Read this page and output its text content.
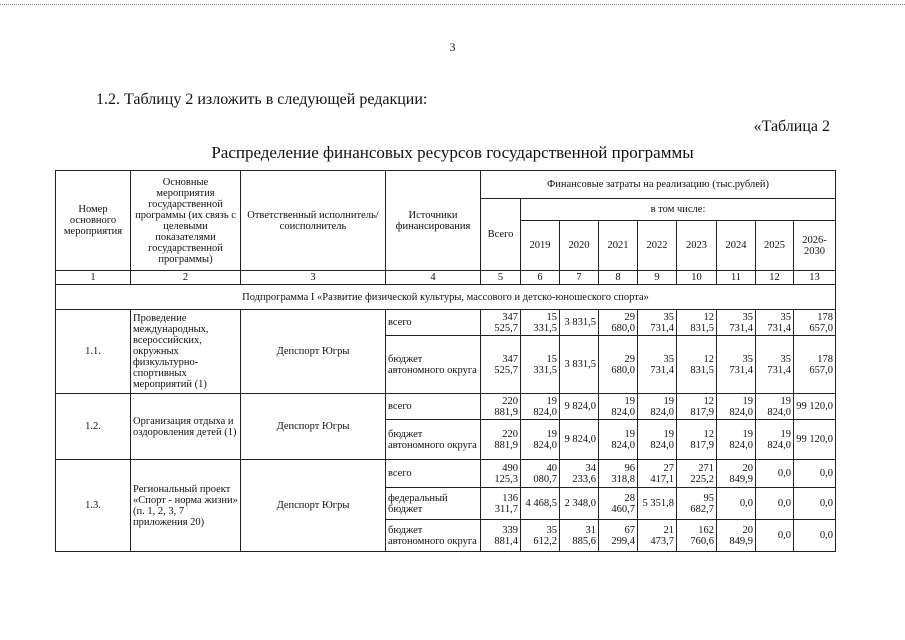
3
1.2. Таблицу 2 изложить в следующей редакции:
«Таблица 2
Распределение финансовых ресурсов государственной программы
Номер основного мероприятия	Основные мероприятия государственной программы (их связь с целевыми показателями государственной программы)	Ответственный исполнитель/соисполнитель	Источники финансирования	Финансовые затраты на реализацию (тыс.рублей)								
				Всего	в том числе:							
					2019	2020	2021	2022	2023	2024	2025	2026-2030
1	2	3	4	5	6	7	8	9	10	11	12	13
Подпрограмма I «Развитие физической культуры, массового и детско-юношеского спорта»												
1.1.	Проведение международных, всероссийских, окружных физкультурно-спортивных мероприятий (1)	Депспорт Югры	всего	347 525,7	15 331,5	3 831,5	29 680,0	35 731,4	12 831,5	35 731,4	35 731,4	178 657,0
			бюджет автономного округа	347 525,7	15 331,5	3 831,5	29 680,0	35 731,4	12 831,5	35 731,4	35 731,4	178 657,0
1.2.	Организация отдыха и оздоровления детей (1)	Депспорт Югры	всего	220 881,9	19 824,0	9 824,0	19 824,0	19 824,0	12 817,9	19 824,0	19 824,0	99 120,0
			бюджет автономного округа	220 881,9	19 824,0	9 824,0	19 824,0	19 824,0	12 817,9	19 824,0	19 824,0	99 120,0
1.3.	Региональный проект «Спорт - норма жизни» (п. 1, 2, 3, 7 приложения 20)	Депспорт Югры	всего	490 125,3	40 080,7	34 233,6	96 318,8	27 417,1	271 225,2	20 849,9	0,0	0,0
			федеральный бюджет	136 311,7	4 468,5	2 348,0	28 460,7	5 351,8	95 682,7	0,0	0,0	0,0
			бюджет автономного округа	339 881,4	35 612,2	31 885,6	67 299,4	21 473,7	162 760,6	20 849,9	0,0	0,0
